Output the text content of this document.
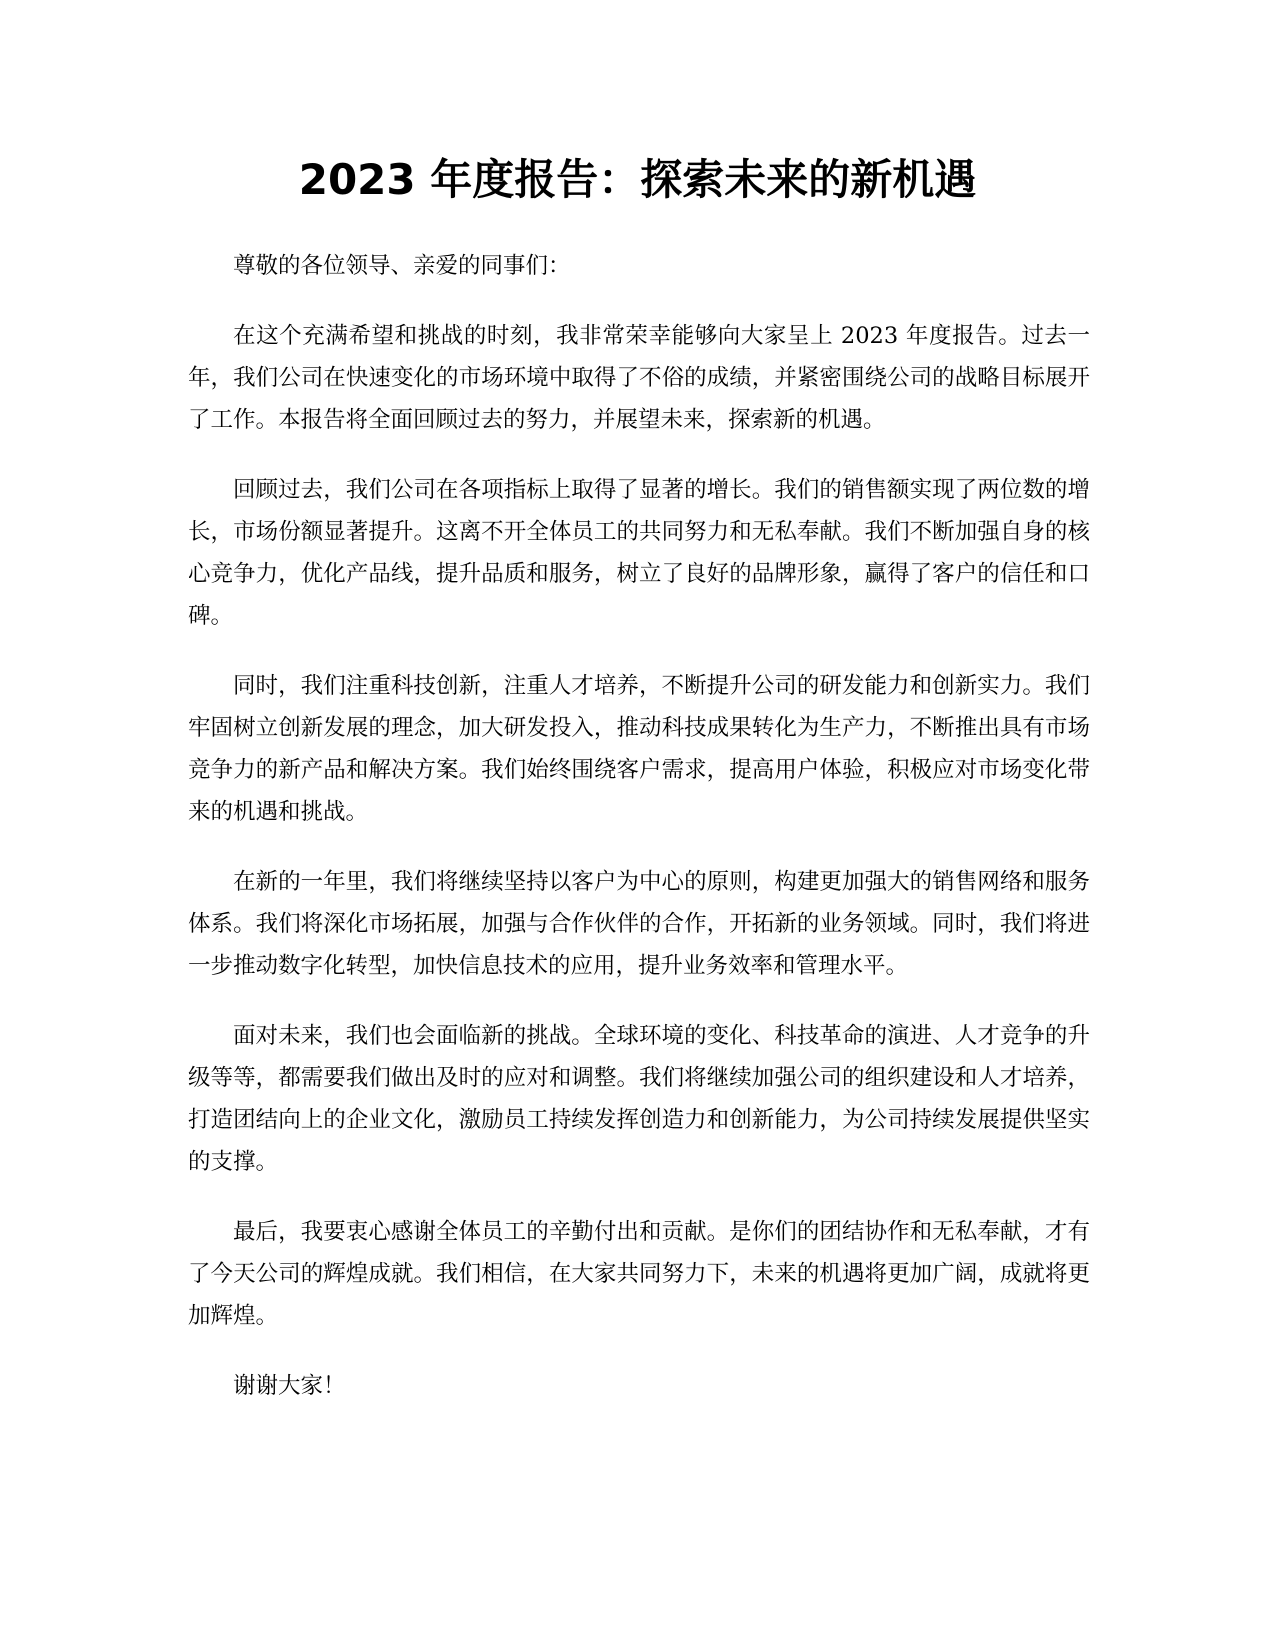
2023 年度报告：探索未来的新机遇

尊敬的各位领导、亲爱的同事们：

在这个充满希望和挑战的时刻，我非常荣幸能够向大家呈上 2023 年度报告。过去一年，我们公司在快速变化的市场环境中取得了不俗的成绩，并紧密围绕公司的战略目标展开了工作。本报告将全面回顾过去的努力，并展望未来，探索新的机遇。

回顾过去，我们公司在各项指标上取得了显著的增长。我们的销售额实现了两位数的增长，市场份额显著提升。这离不开全体员工的共同努力和无私奉献。我们不断加强自身的核心竞争力，优化产品线，提升品质和服务，树立了良好的品牌形象，赢得了客户的信任和口碑。

同时，我们注重科技创新，注重人才培养，不断提升公司的研发能力和创新实力。我们牢固树立创新发展的理念，加大研发投入，推动科技成果转化为生产力，不断推出具有市场竞争力的新产品和解决方案。我们始终围绕客户需求，提高用户体验，积极应对市场变化带来的机遇和挑战。

在新的一年里，我们将继续坚持以客户为中心的原则，构建更加强大的销售网络和服务体系。我们将深化市场拓展，加强与合作伙伴的合作，开拓新的业务领域。同时，我们将进一步推动数字化转型，加快信息技术的应用，提升业务效率和管理水平。

面对未来，我们也会面临新的挑战。全球环境的变化、科技革命的演进、人才竞争的升级等等，都需要我们做出及时的应对和调整。我们将继续加强公司的组织建设和人才培养，打造团结向上的企业文化，激励员工持续发挥创造力和创新能力，为公司持续发展提供坚实的支撑。

最后，我要衷心感谢全体员工的辛勤付出和贡献。是你们的团结协作和无私奉献，才有了今天公司的辉煌成就。我们相信，在大家共同努力下，未来的机遇将更加广阔，成就将更加辉煌。

谢谢大家！
